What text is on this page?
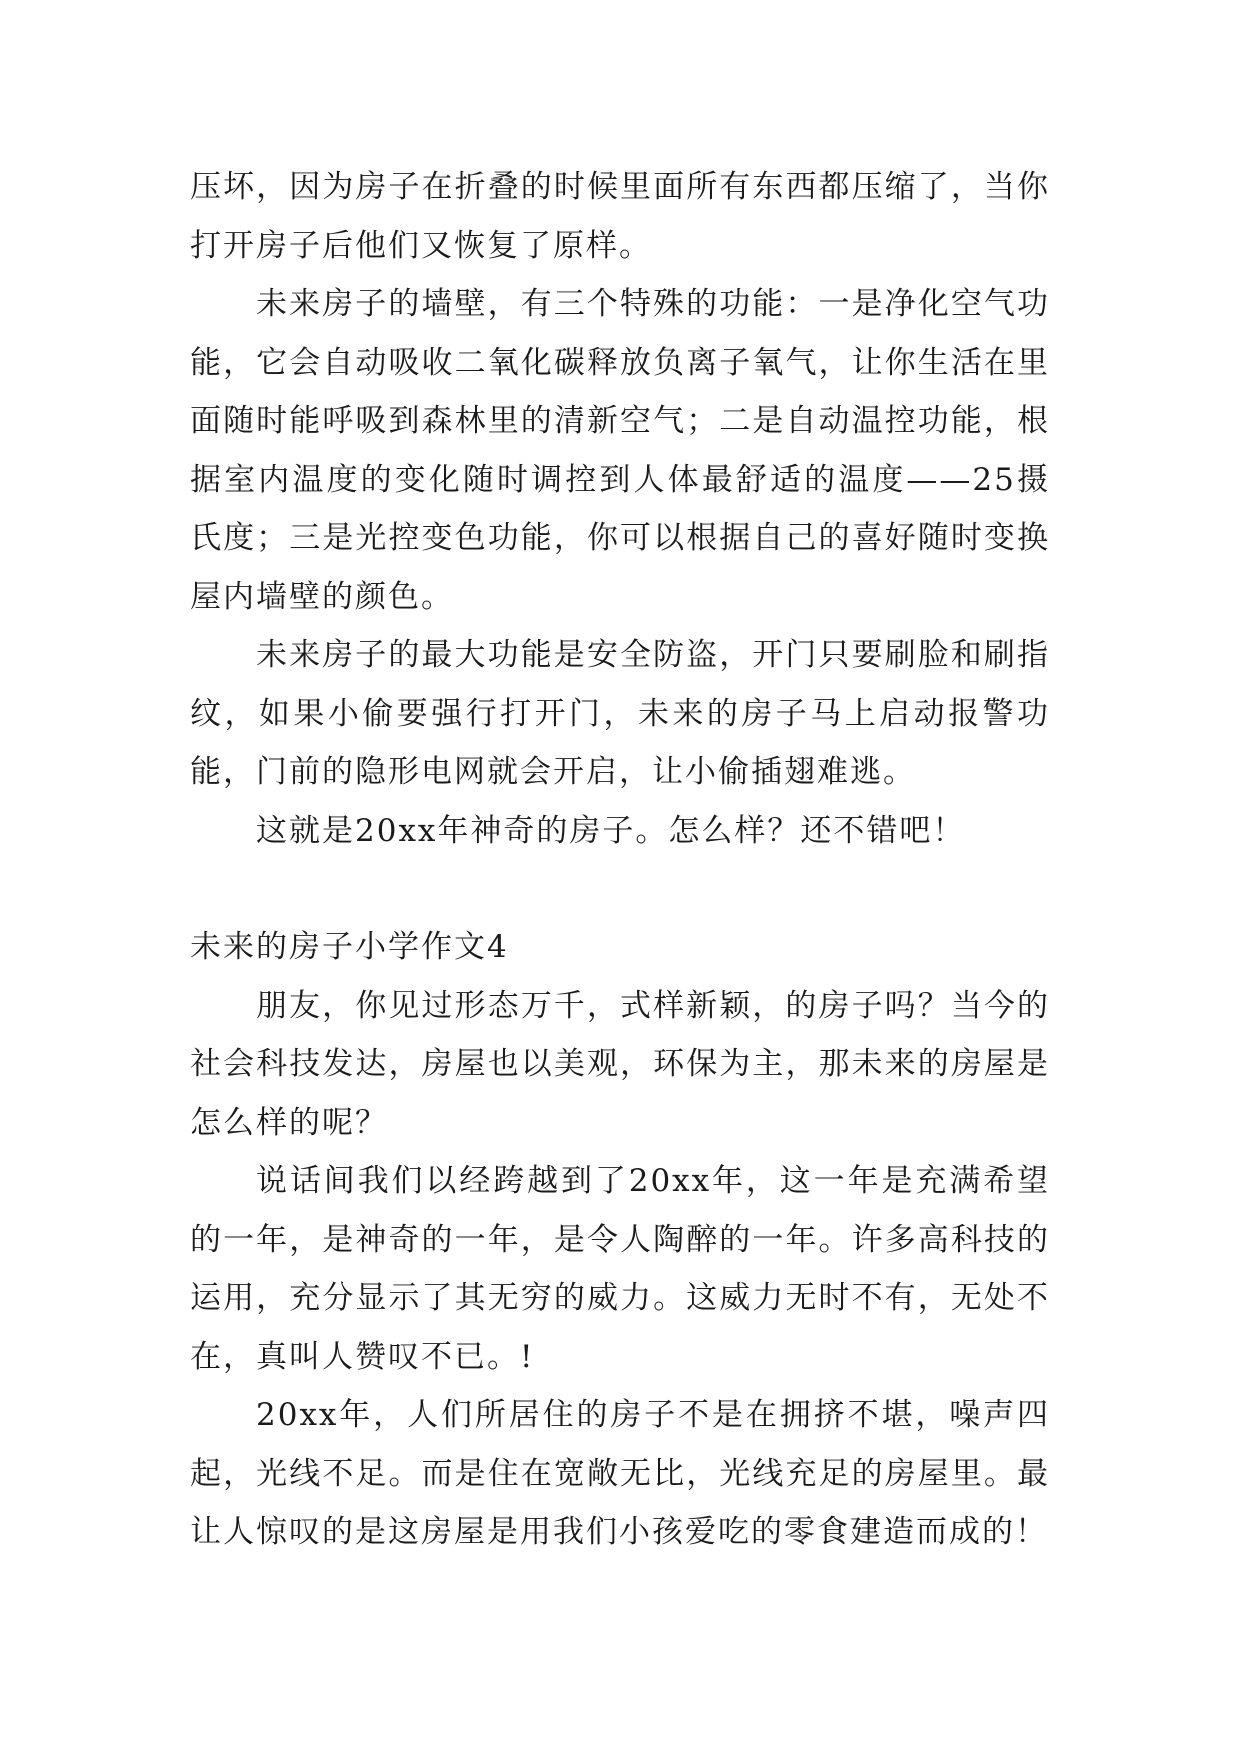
压坏，因为房子在折叠的时候里面所有东西都压缩了，当你打开房子后他们又恢复了原样。

未来房子的墙壁，有三个特殊的功能：一是净化空气功能，它会自动吸收二氧化碳释放负离子氧气，让你生活在里面随时能呼吸到森林里的清新空气；二是自动温控功能，根据室内温度的变化随时调控到人体最舒适的温度——25摄氏度；三是光控变色功能，你可以根据自己的喜好随时变换屋内墙壁的颜色。

未来房子的最大功能是安全防盗，开门只要刷脸和刷指纹，如果小偷要强行打开门，未来的房子马上启动报警功能，门前的隐形电网就会开启，让小偷插翅难逃。

这就是20xx年神奇的房子。怎么样？还不错吧！

未来的房子小学作文4

朋友，你见过形态万千，式样新颖，的房子吗？当今的社会科技发达，房屋也以美观，环保为主，那未来的房屋是怎么样的呢？

说话间我们以经跨越到了20xx年，这一年是充满希望的一年，是神奇的一年，是令人陶醉的一年。许多高科技的运用，充分显示了其无穷的威力。这威力无时不有，无处不在，真叫人赞叹不已。!

20xx年，人们所居住的房子不是在拥挤不堪，噪声四起，光线不足。而是住在宽敞无比，光线充足的房屋里。最让人惊叹的是这房屋是用我们小孩爱吃的零食建造而成的！
